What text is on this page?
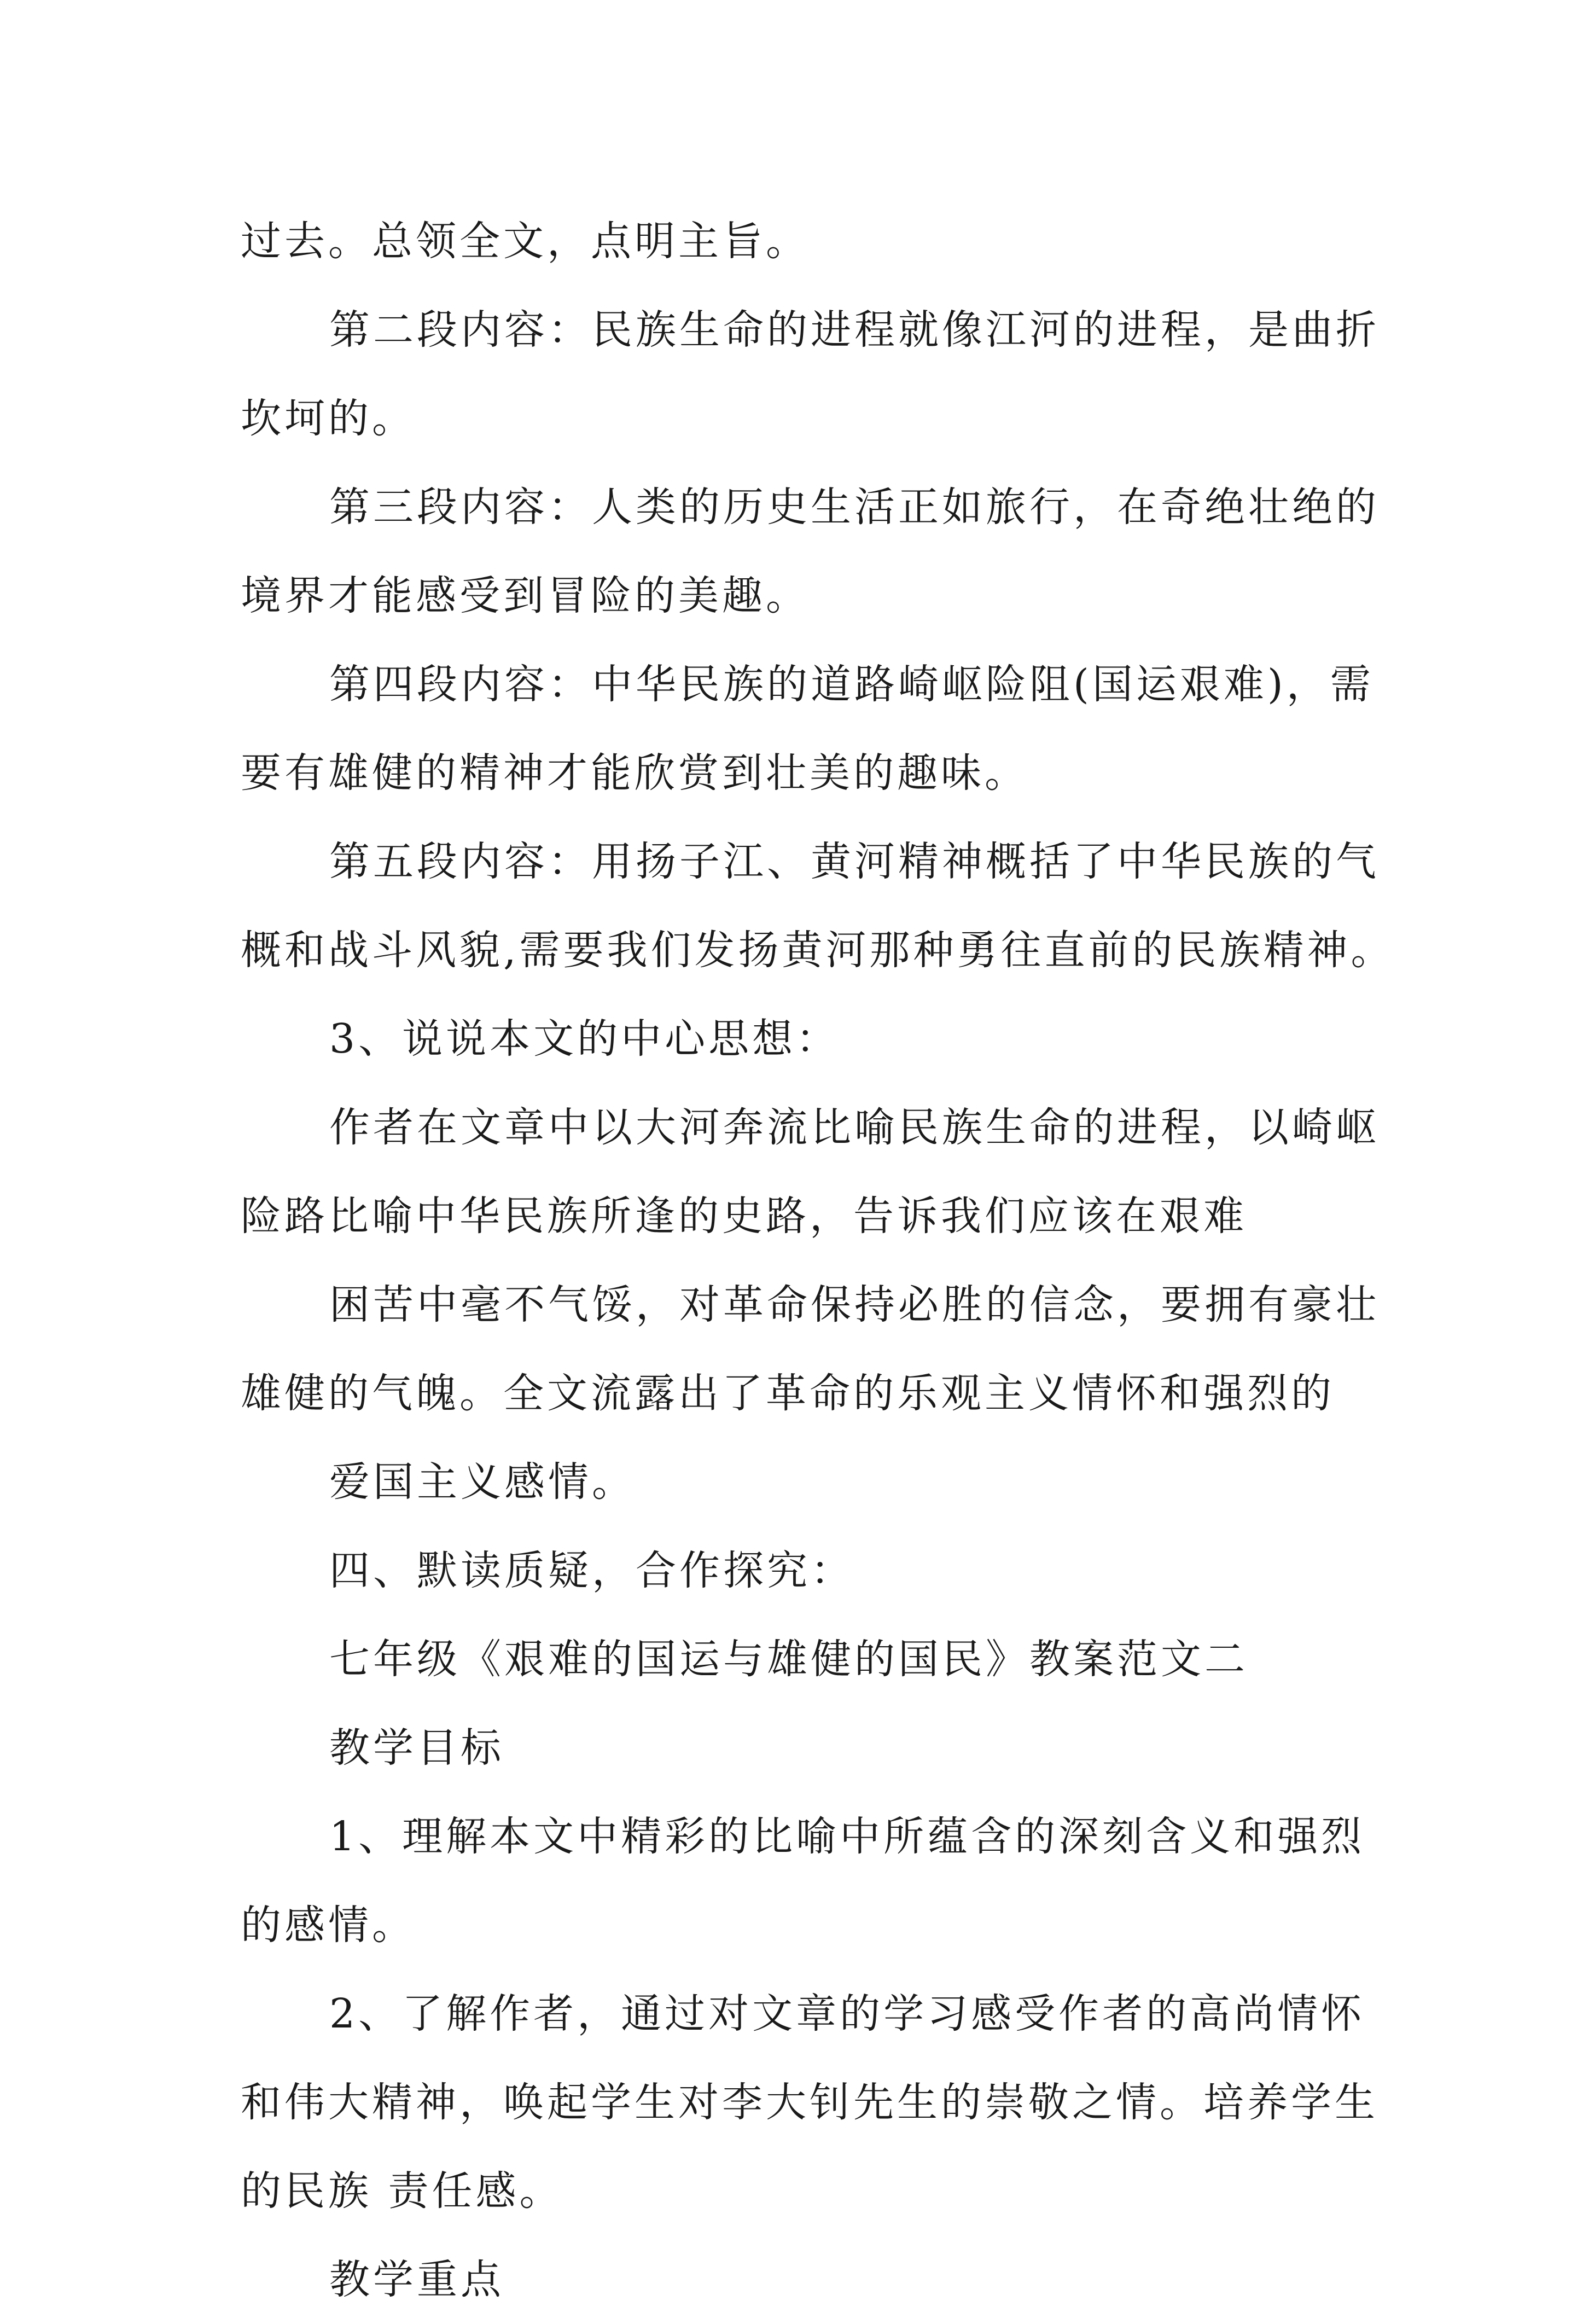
过去。总领全文，点明主旨。
第二段内容：民族生命的进程就像江河的进程，是曲折
坎坷的。
第三段内容：人类的历史生活正如旅行，在奇绝壮绝的
境界才能感受到冒险的美趣。
第四段内容：中华民族的道路崎岖险阻(国运艰难)，需
要有雄健的精神才能欣赏到壮美的趣味。
第五段内容：用扬子江、黄河精神概括了中华民族的气
概和战斗风貌,需要我们发扬黄河那种勇往直前的民族精神。
3、说说本文的中心思想：
作者在文章中以大河奔流比喻民族生命的进程，以崎岖
险路比喻中华民族所逢的史路，告诉我们应该在艰难
困苦中毫不气馁，对革命保持必胜的信念，要拥有豪壮
雄健的气魄。全文流露出了革命的乐观主义情怀和强烈的
爱国主义感情。
四、默读质疑，合作探究：
七年级《艰难的国运与雄健的国民》教案范文二
教学目标
1、理解本文中精彩的比喻中所蕴含的深刻含义和强烈
的感情。
2、了解作者，通过对文章的学习感受作者的高尚情怀
和伟大精神，唤起学生对李大钊先生的崇敬之情。培养学生
的民族 责任感。
教学重点
